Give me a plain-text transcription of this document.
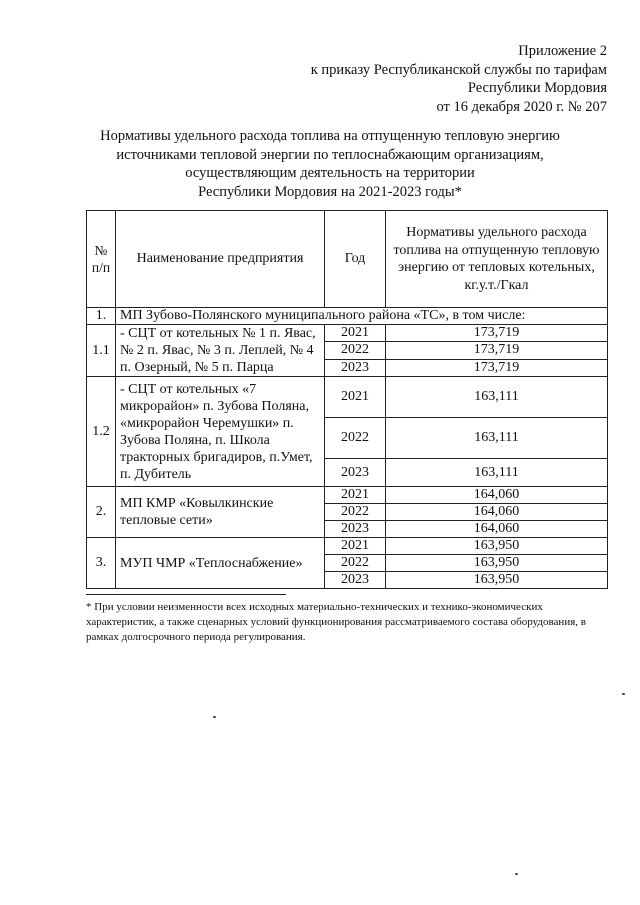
Приложение 2
к приказу Республиканской службы по тарифам
Республики Мордовия
от 16 декабря 2020 г. № 207
Нормативы удельного расхода топлива на отпущенную тепловую энергию
источниками тепловой энергии по теплоснабжающим организациям,
осуществляющим деятельность на территории
Республики Мордовия на 2021-2023 годы*
№ п/п	Наименование предприятия	Год	Нормативы удельного расхода топлива на отпущенную тепловую энергию от тепловых котельных, кг.у.т./Гкал
1.	МП Зубово-Полянского муниципального района «ТС», в том числе:		
1.1	- СЦТ от котельных № 1 п. Явас, № 2 п. Явас, № 3 п. Леплей, № 4 п. Озерный, № 5 п. Парца	2021	173,719
		2022	173,719
		2023	173,719
1.2	- СЦТ от котельных «7 микрорайон» п. Зубова Поляна, «микрорайон Черемушки» п. Зубова Поляна, п. Школа тракторных бригадиров, п.Умет, п. Дубитель	2021	163,111
		2022	163,111
		2023	163,111
2.	МП КМР «Ковылкинские тепловые сети»	2021	164,060
		2022	164,060
		2023	164,060
3.	МУП ЧМР «Теплоснабжение»	2021	163,950
		2022	163,950
		2023	163,950
* При условии неизменности всех исходных материально-технических и технико-экономических характеристик, а также сценарных условий функционирования рассматриваемого состава оборудования, в рамках долгосрочного периода регулирования.
